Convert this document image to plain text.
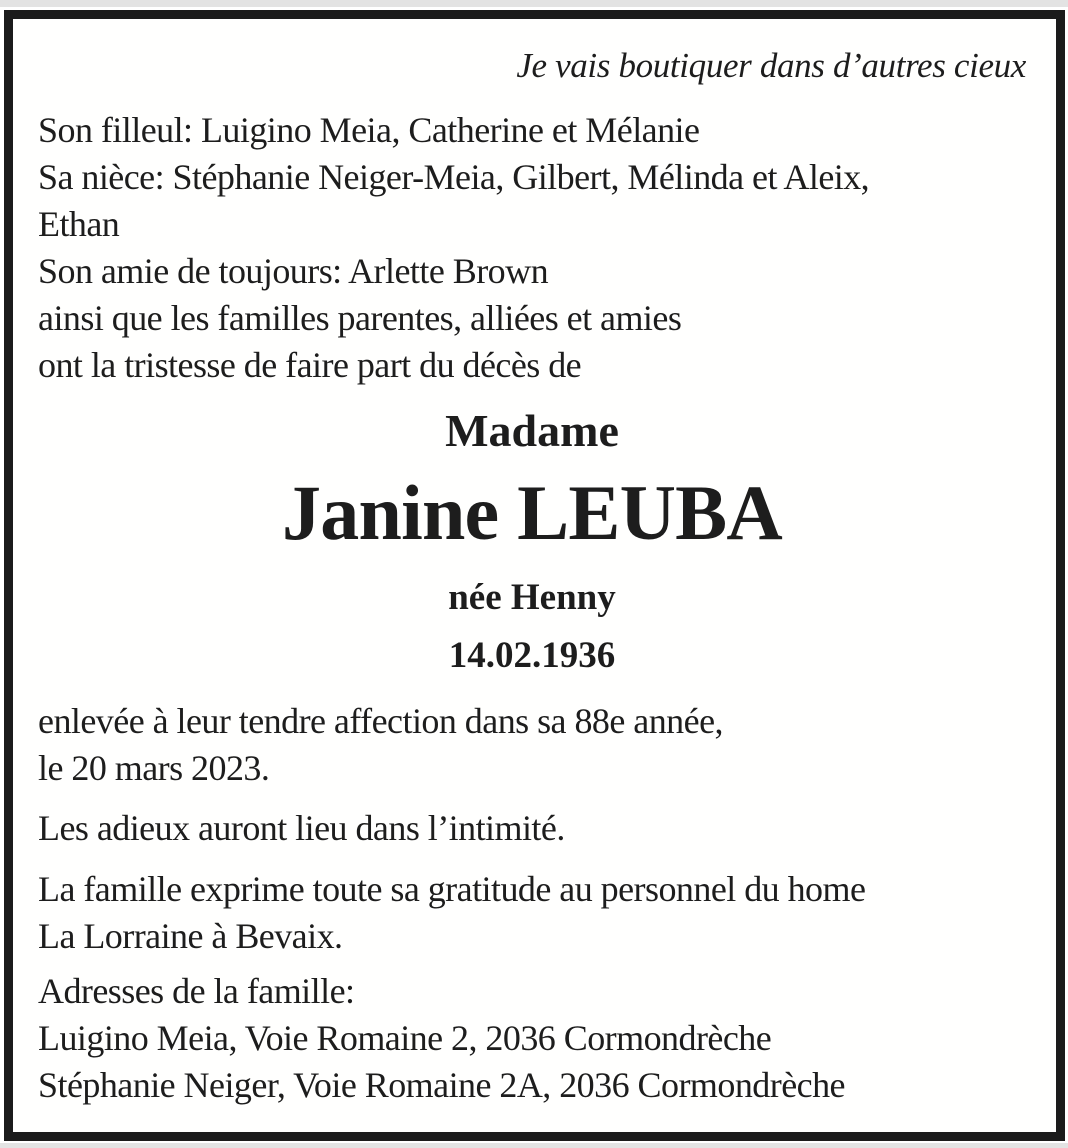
Je vais boutiquer dans d’autres cieux
Son filleul: Luigino Meia, Catherine et Mélanie
Sa nièce: Stéphanie Neiger-Meia, Gilbert, Mélinda et Aleix,
Ethan
Son amie de toujours: Arlette Brown
ainsi que les familles parentes, alliées et amies
ont la tristesse de faire part du décès de
Madame
Janine LEUBA
née Henny
14.02.1936
enlevée à leur tendre affection dans sa 88e année,
le 20 mars 2023.
Les adieux auront lieu dans l’intimité.
La famille exprime toute sa gratitude au personnel du home
La Lorraine à Bevaix.
Adresses de la famille:
Luigino Meia, Voie Romaine 2, 2036 Cormondrèche
Stéphanie Neiger, Voie Romaine 2A, 2036 Cormondrèche
